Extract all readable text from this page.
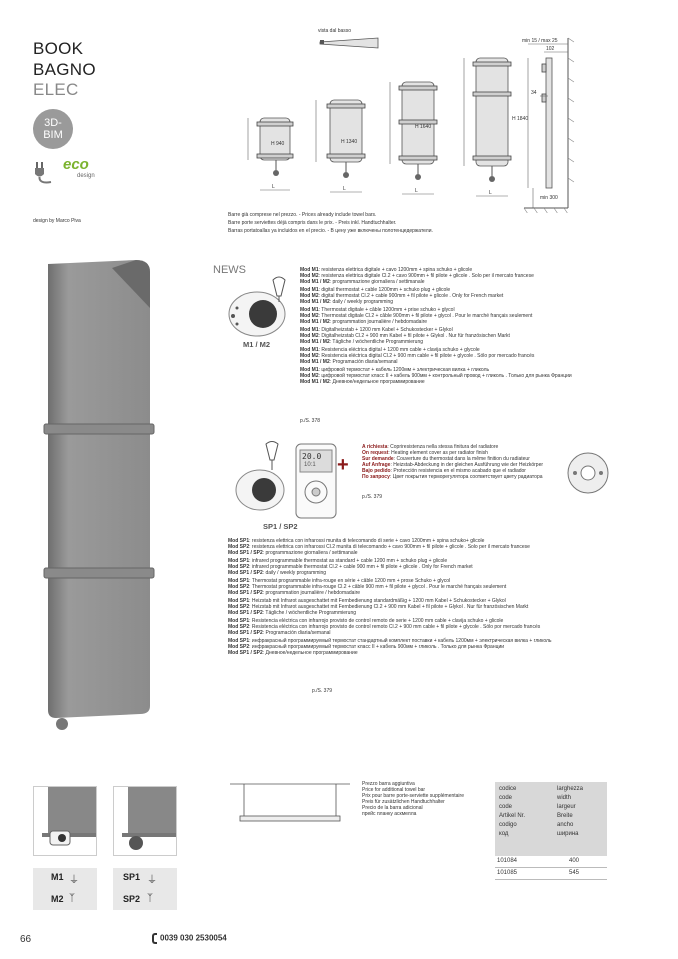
BOOK
BAGNO
ELEC
3D-
BIM
eco
design
design by Marco Piva
vista dal basso
H 940	H 1340
H 1640
H 1840
L	L	L	L
min 15 / max 25
102
34
min 300
Barre già comprese nel prezzo. - Prices already include towel bars.
Barre porte serviettes déjà compris dans le prix. - Preis inkl. Handtuchhalter.
Barras portatoallas ya incluidos en el precio. - В цену уже включены полотенцедержатели.
NEWS
M1 / M2

Mod M1: resistenza elettrica digitale + cavo 1200mm + spina schuko + glicole

Mod M2: resistenza elettrica digitale Cl.2 + cavo 900mm + fil pilote + glicole . Solo per il mercato francese

Mod M1 / M2: programmazione giornaliera / settimanale

Mod M1: digital thermostat + cable 1200mm + schuko plug + glicole

Mod M2: digital thermostat Cl.2 + cable 900mm + fil pilote + glicole . Only for French market

Mod M1 / M2: daily / weekly programming

Mod M1: Thermostat digitale + câble 1200mm + prise schuko + glycol

Mod M2: Thermostat digitale Cl.2 + câble 900mm + fil pilote + glycol . Pour le marché français seulement

Mod M1 / M2: programmation journalière / hebdomadaire

Mod M1: Digitalheizstab + 1200 mm Kabel + Schukostecker + Glykol

Mod M2: Digitalheizstab Cl.2 + 900 mm Kabel + fil pilote + Glykol . Nur für französischen Markt

Mod M1 / M2: Tägliche / wöchentliche Programmierung

Mod M1: Resistencia eléctrica digital + 1200 mm cable + clavija schuko + glycole

Mod M2: Resistencia eléctrica digital Cl.2 + 900 mm cable + fil pilote + glycole . Sólo por mercado francés

Mod M1 / M2: Programación diaria/semanal

Mod M1: цифровой термостат + кабель 1200мм + электрическая вилка + гликоль

Mod M2: цифровой термостат класс II + кабель 900мм + контрольный провод + гликоль . Только для рынка Франции

Mod M1 / M2: Дневное/недельное программирование

p./S. 378
20.0
10:1 +
SP1 / SP2

A richiesta: Copriresistenza nella stessa finitura del radiatore

On request: Heating element cover as per radiator finish

Sur demande: Couverture du thermostat dans la même finition du radiateur

Auf Anfrage: Heizstab-Abdeckung in der gleichen Ausführung wie der Heizkörper

Bajo pedido: Protección resistencia en el mismo acabado que el radiador

По запросу: Цвет покрытия термоpeгулятора соответствует цвету радиатора

p./S. 379

Mod SP1: resistenza elettrica con infrarossi munita di telecomando di serie + cavo 1200mm + spina schuko+ glicole

Mod SP2: resistenza elettrica con infrarossi Cl.2 munita di telecomando + cavo 900mm + fil pilote + glicole . Solo per il mercato francese

Mod SP1 / SP2: programmazione giornaliera / settimanale

Mod SP1: infrared programmable thermostat as standard + cable 1200 mm + schuko plug + glicole

Mod SP2: infrared programmable thermostat Cl.2 + cable 900 mm + fil pilote + glicole . Only for French market

Mod SP1 / SP2: daily / weekly programming

Mod SP1: Thermostat programmable infra-rouge en série + câble 1200 mm + prose Schuko + glycol

Mod SP2: Thermostat programmable infra-rouge Cl.2 + câble 900 mm + fil pilote + glycol . Pour le marché français seulement

Mod SP1 / SP2: programmation journalière / hebdomadaire

Mod SP1: Heizstab mit Infrarot ausgeschattet mit Fernbedienung standardmäßig + 1200 mm Kabel + Schukostecker + Glykol

Mod SP2: Heizstab mit Infrarot ausgeschattet mit Fernbedienung Cl.2 + 900 mm Kabel + fil pilote + Glykol . Nur für französischen Markt

Mod SP1 / SP2: Tägliche / wöchentliche Programmierung

Mod SP1: Resistencia eléctrica con infrarrojo provisto de control remoto de serie + 1200 mm cable + clavija schuko + glicole

Mod SP2: Resistencia eléctrica con infrarrojo provisto de control remoto Cl.2 + 900 mm cable + fil pilote + glycole . Sólo por mercado francés

Mod SP1 / SP2: Programación diaria/semanal

Mod SP1: инфракрасный программируемый термостат стандартный комплект поставки + кабель 1200мм + электрическая вилка + гликоль

Mod SP2: инфракрасный программируемый термостат класс II + кабель 900мм + гликоль . Только для рынка Франции

Mod SP1 / SP2: Дневное/недельное программирование

p./S. 379
M1 ⏚
M2 ᛉ
SP1 ⏚
SP2 ᛉ

Prezzo barra aggiuntiva

Price for additional towel bar

Prix pour barre porte-serviette supplémentaire

Preis für zusätzlichen Handtuchhalter

Precio de la barra adicional

прейс планку аскмелла

codice	larghezza
code	width
code	largeur
Artikel Nr.	Breite
codigo	ancho
код	ширина
101084	400
101085	545
66	0039 030 2530054
